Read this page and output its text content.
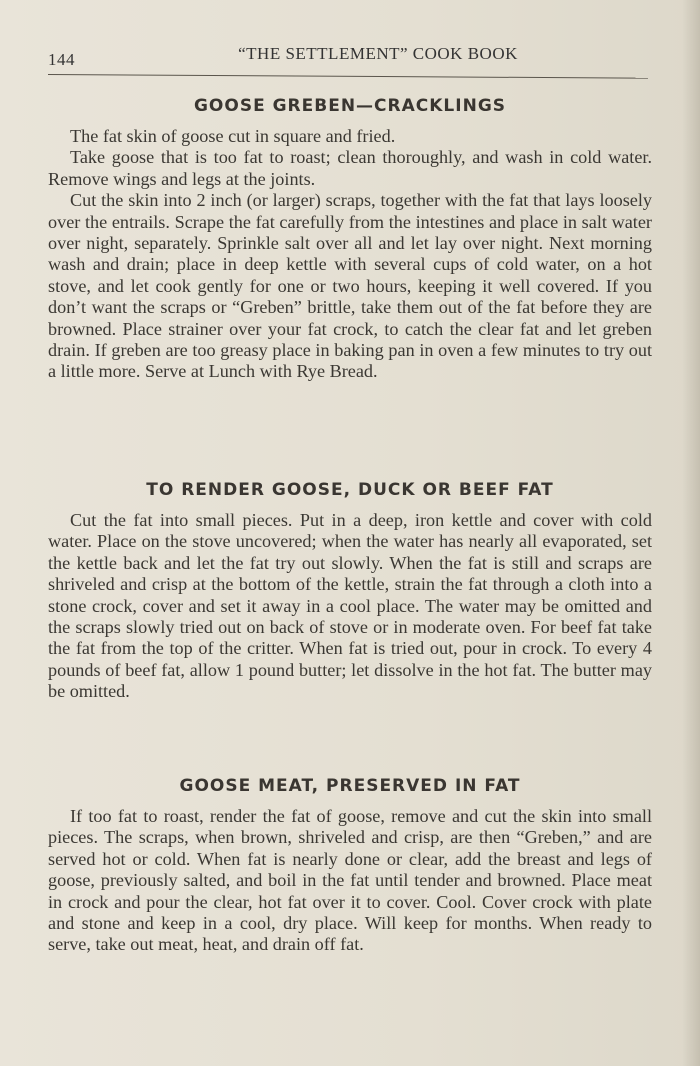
144	“THE SETTLEMENT” COOK BOOK
GOOSE GREBEN—CRACKLINGS

The fat skin of goose cut in square and fried.

Take goose that is too fat to roast; clean thoroughly, and wash in cold water. Remove wings and legs at the joints.

Cut the skin into 2 inch (or larger) scraps, together with the fat that lays loosely over the entrails. Scrape the fat carefully from the intestines and place in salt water over night, separately. Sprinkle salt over all and let lay over night. Next morning wash and drain; place in deep kettle with several cups of cold water, on a hot stove, and let cook gently for one or two hours, keeping it well covered. If you don’t want the scraps or “Greben” brittle, take them out of the fat before they are browned. Place strainer over your fat crock, to catch the clear fat and let greben drain. If greben are too greasy place in baking pan in oven a few minutes to try out a little more. Serve at Lunch with Rye Bread.

TO RENDER GOOSE, DUCK OR BEEF FAT

Cut the fat into small pieces. Put in a deep, iron kettle and cover with cold water. Place on the stove uncovered; when the water has nearly all evaporated, set the kettle back and let the fat try out slowly. When the fat is still and scraps are shriveled and crisp at the bottom of the kettle, strain the fat through a cloth into a stone crock, cover and set it away in a cool place. The water may be omitted and the scraps slowly tried out on back of stove or in moderate oven. For beef fat take the fat from the top of the critter. When fat is tried out, pour in crock. To every 4 pounds of beef fat, allow 1 pound butter; let dissolve in the hot fat. The butter may be omitted.

GOOSE MEAT, PRESERVED IN FAT

If too fat to roast, render the fat of goose, remove and cut the skin into small pieces. The scraps, when brown, shriveled and crisp, are then “Greben,” and are served hot or cold. When fat is nearly done or clear, add the breast and legs of goose, previously salted, and boil in the fat until tender and browned. Place meat in crock and pour the clear, hot fat over it to cover. Cool. Cover crock with plate and stone and keep in a cool, dry place. Will keep for months. When ready to serve, take out meat, heat, and drain off fat.
